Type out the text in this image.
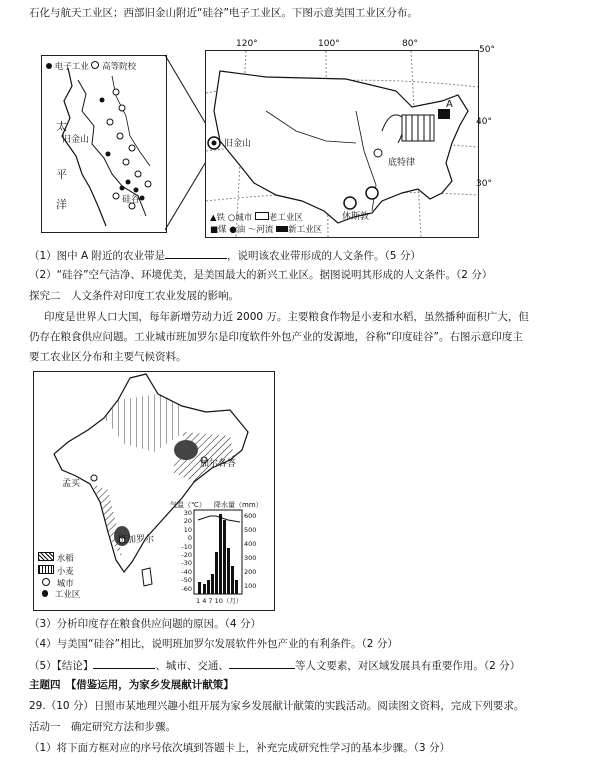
石化与航天工业区；西部旧金山附近“硅谷”电子工业区。下图示意美国工业区分布。
电子工业 高等院校
太
旧金山
平
洋	硅谷
120°	100°	80°
50°
40°
30°
旧金山
底特律
休斯敦
A
▲铁 ○城市 老工业区
■煤 ●油 ～河流 新工业区
（1）图中 A 附近的农业带是	，说明该农业带形成的人文条件。（5 分）
（2）“硅谷”空气洁净、环境优美，是美国最大的新兴工业区。据图说明其形成的人文条件。（2 分）
探究二　人文条件对印度工农业发展的影响。
印度是世界人口大国，每年新增劳动力近 2000 万。主要粮食作物是小麦和水稻，虽然播种面积广大，但
仍存在粮食供应问题。工业城市班加罗尔是印度软件外包产业的发源地，谷称“印度硅谷”。右图示意印度主
要工农业区分布和主要气候资料。
加尔各答
孟买
班加罗尔
气温（℃） 降水量（mm）
30
20
10
0
-10
-20
-30
-40
-50
-60
600
500
400
300
200
100
1 4 7 10（月）
水稻
小麦
城市
工业区
（3）分析印度存在粮食供应问题的原因。（4 分）
（4）与美国“硅谷”相比，说明班加罗尔发展软件外包产业的有利条件。（2 分）
（5）【结论】	、城市、交通、	等人文要素，对区域发展具有重要作用。（2 分）
主题四　【借鉴运用，为家乡发展献计献策】
29.（10 分）日照市某地理兴趣小组开展为家乡发展献计献策的实践活动。阅读图文资料，完成下列要求。
活动一　确定研究方法和步骤。
（1）将下面方框对应的序号依次填到答题卡上，补充完成研究性学习的基本步骤。（3 分）
